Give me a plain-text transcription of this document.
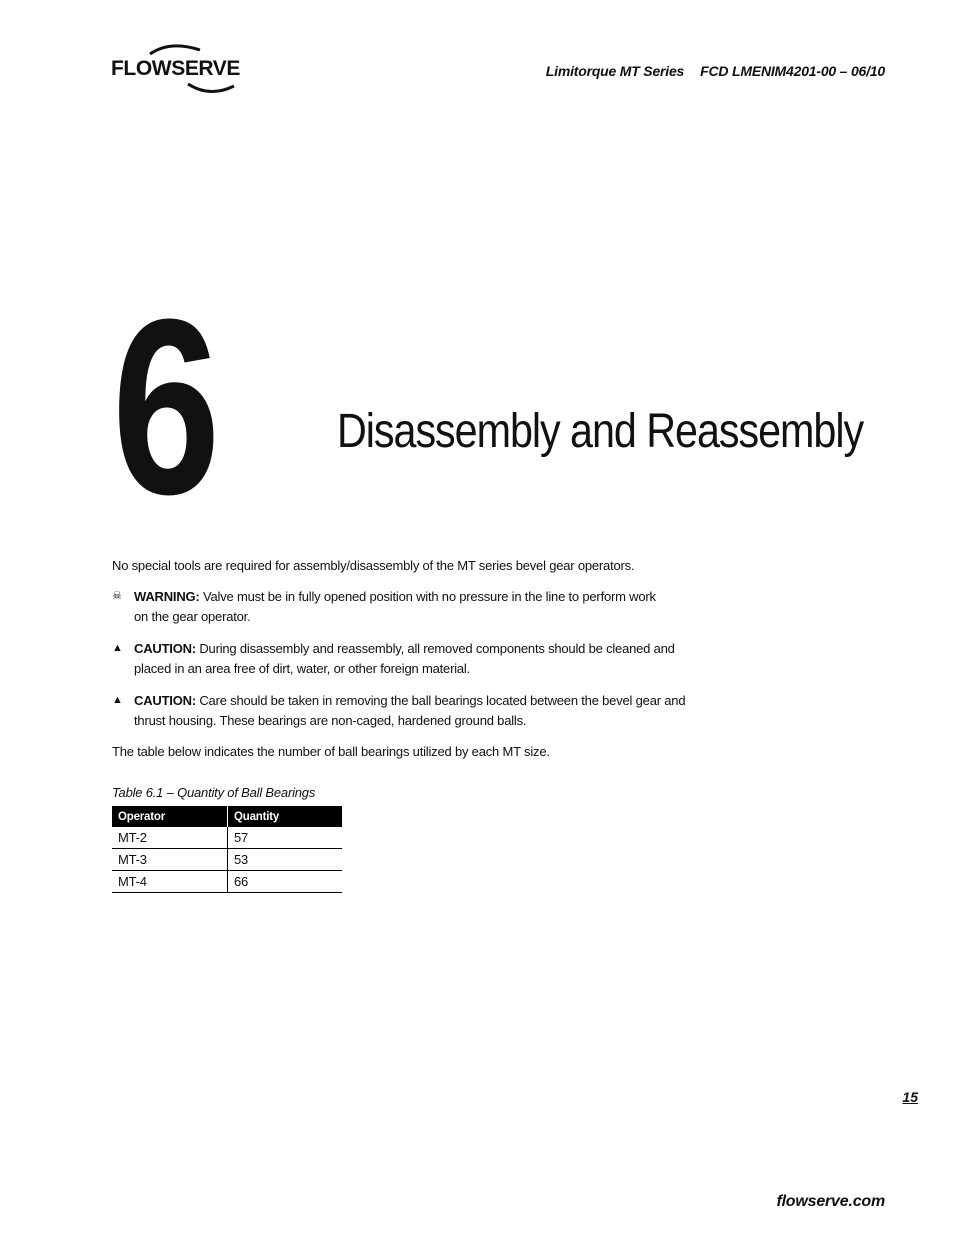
FLOWSERVE	Limitorque MT Series FCD LMENIM4201-00 – 06/10
6 Disassembly and Reassembly
No special tools are required for assembly/disassembly of the MT series bevel gear operators.
☠ WARNING: Valve must be in fully opened position with no pressure in the line to perform work
on the gear operator.
▲ CAUTION: During disassembly and reassembly, all removed components should be cleaned and
placed in an area free of dirt, water, or other foreign material.
▲ CAUTION: Care should be taken in removing the ball bearings located between the bevel gear and
thrust housing. These bearings are non-caged, hardened ground balls.
The table below indicates the number of ball bearings utilized by each MT size.
Table 6.1 – Quantity of Ball Bearings
Operator	Quantity
MT-2	57
MT-3	53
MT-4	66
15
flowserve.com
